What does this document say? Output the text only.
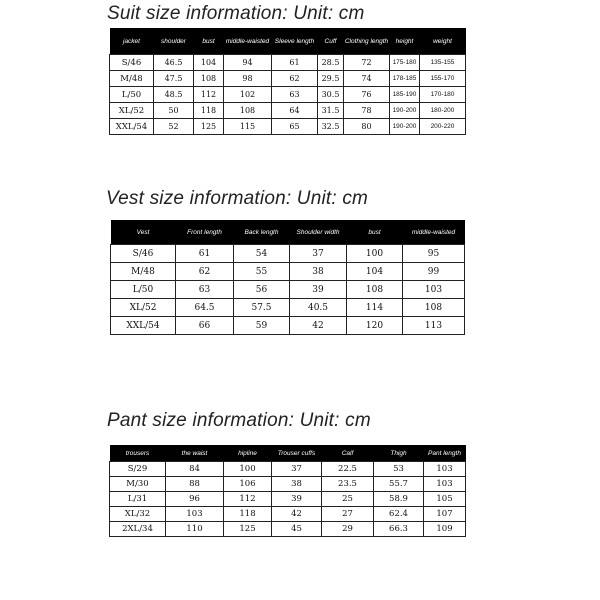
Suit size information: Unit: cm
jacket	shoulder	bust	middle-waisted	Sleeve length	Cuff	Clothing length	height	weight
S/46	46.5	104	94	61	28.5	72	175-180	135-155
M/48	47.5	108	98	62	29.5	74	178-185	155-170
L/50	48.5	112	102	63	30.5	76	185-190	170-180
XL/52	50	118	108	64	31.5	78	190-200	180-200
XXL/54	52	125	115	65	32.5	80	190-200	200-220
Vest size information: Unit: cm
Vest	Front length	Back length	Shoulder width	bust	middle-waisted
S/46	61	54	37	100	95
M/48	62	55	38	104	99
L/50	63	56	39	108	103
XL/52	64.5	57.5	40.5	114	108
XXL/54	66	59	42	120	113
Pant size information: Unit: cm
trousers	the waist	hipline	Trouser cuffs	Calf	Thigh	Pant length
S/29	84	100	37	22.5	53	103
M/30	88	106	38	23.5	55.7	103
L/31	96	112	39	25	58.9	105
XL/32	103	118	42	27	62.4	107
2XL/34	110	125	45	29	66.3	109
